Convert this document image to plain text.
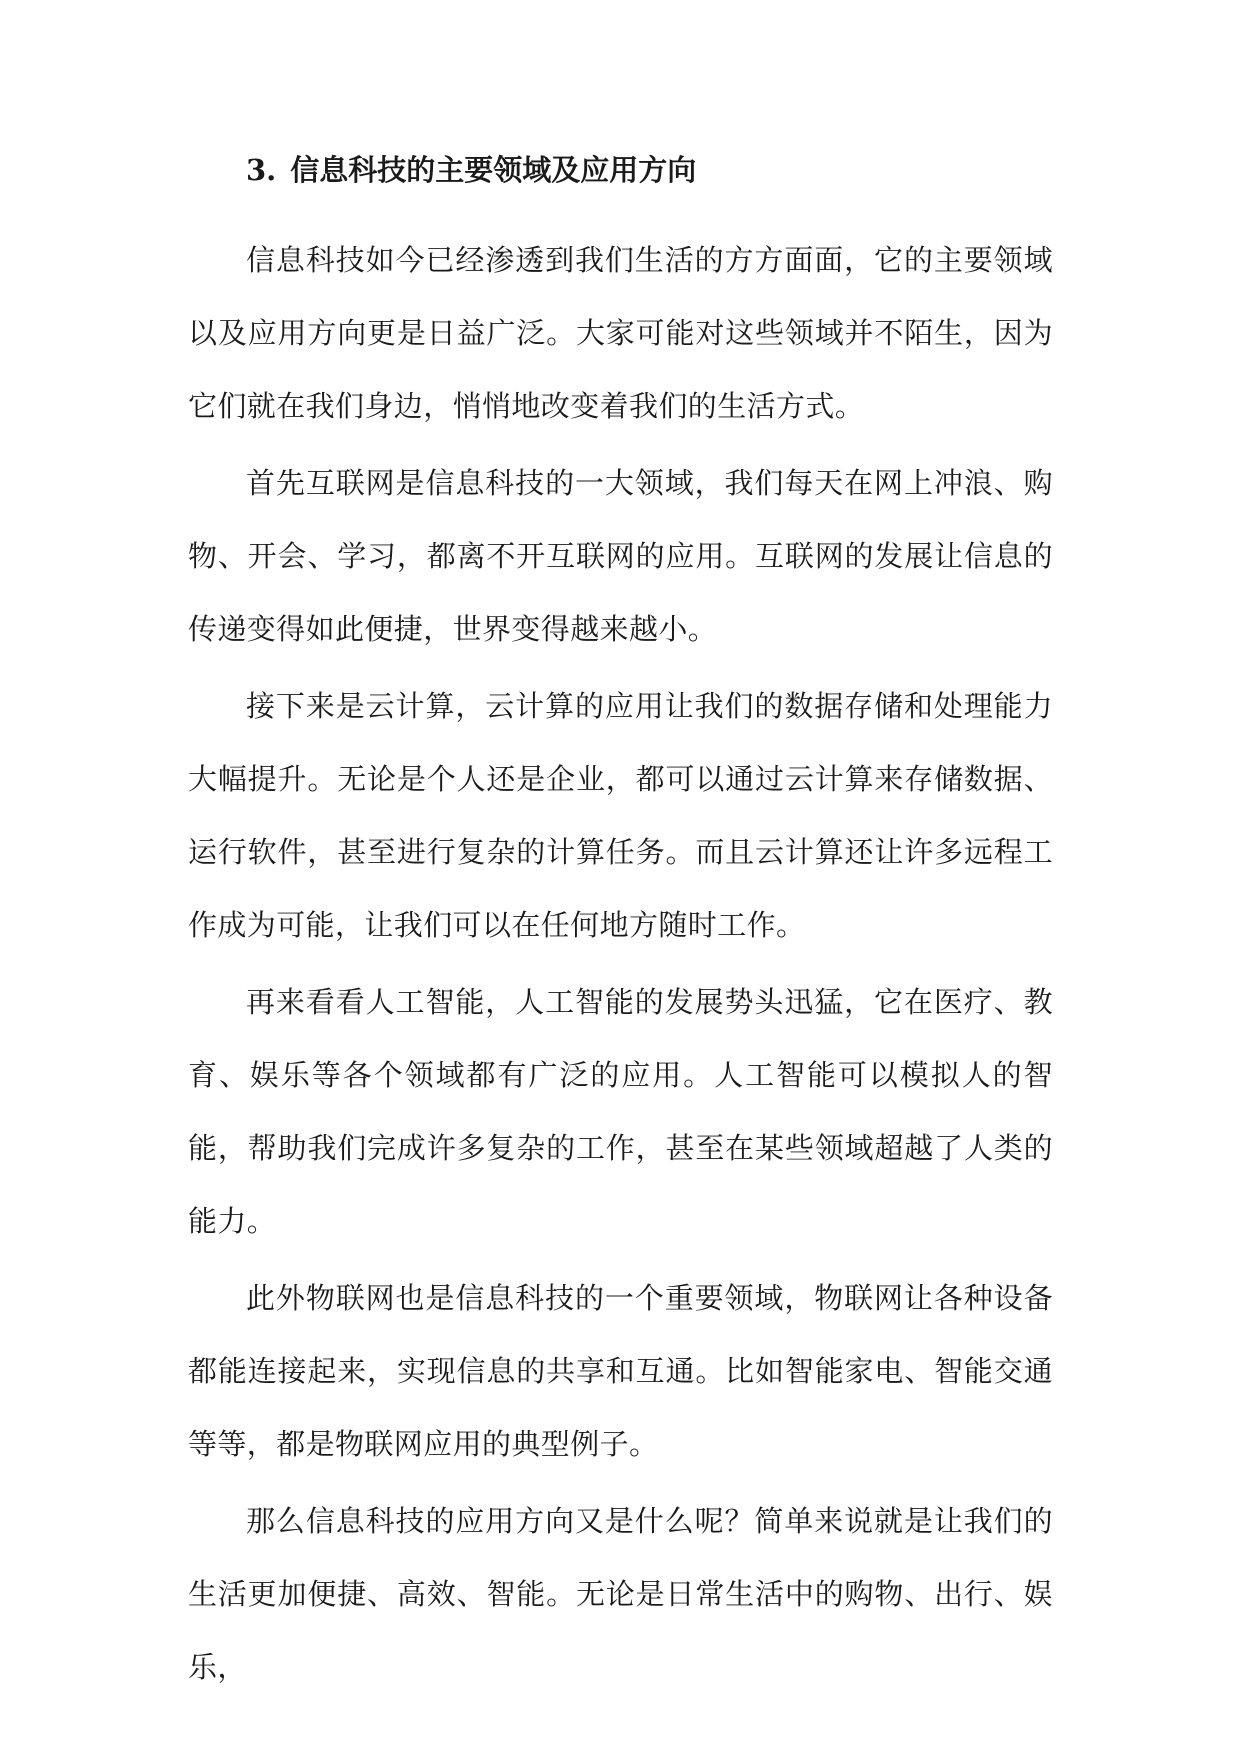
3. 信息科技的主要领域及应用方向

信息科技如今已经渗透到我们生活的方方面面，它的主要领域以及应用方向更是日益广泛。大家可能对这些领域并不陌生，因为它们就在我们身边，悄悄地改变着我们的生活方式。

首先互联网是信息科技的一大领域，我们每天在网上冲浪、购物、开会、学习，都离不开互联网的应用。互联网的发展让信息的传递变得如此便捷，世界变得越来越小。

接下来是云计算，云计算的应用让我们的数据存储和处理能力大幅提升。无论是个人还是企业，都可以通过云计算来存储数据、运行软件，甚至进行复杂的计算任务。而且云计算还让许多远程工作成为可能，让我们可以在任何地方随时工作。

再来看看人工智能，人工智能的发展势头迅猛，它在医疗、教育、娱乐等各个领域都有广泛的应用。人工智能可以模拟人的智能，帮助我们完成许多复杂的工作，甚至在某些领域超越了人类的能力。

此外物联网也是信息科技的一个重要领域，物联网让各种设备都能连接起来，实现信息的共享和互通。比如智能家电、智能交通等等，都是物联网应用的典型例子。

那么信息科技的应用方向又是什么呢？简单来说就是让我们的生活更加便捷、高效、智能。无论是日常生活中的购物、出行、娱乐，
